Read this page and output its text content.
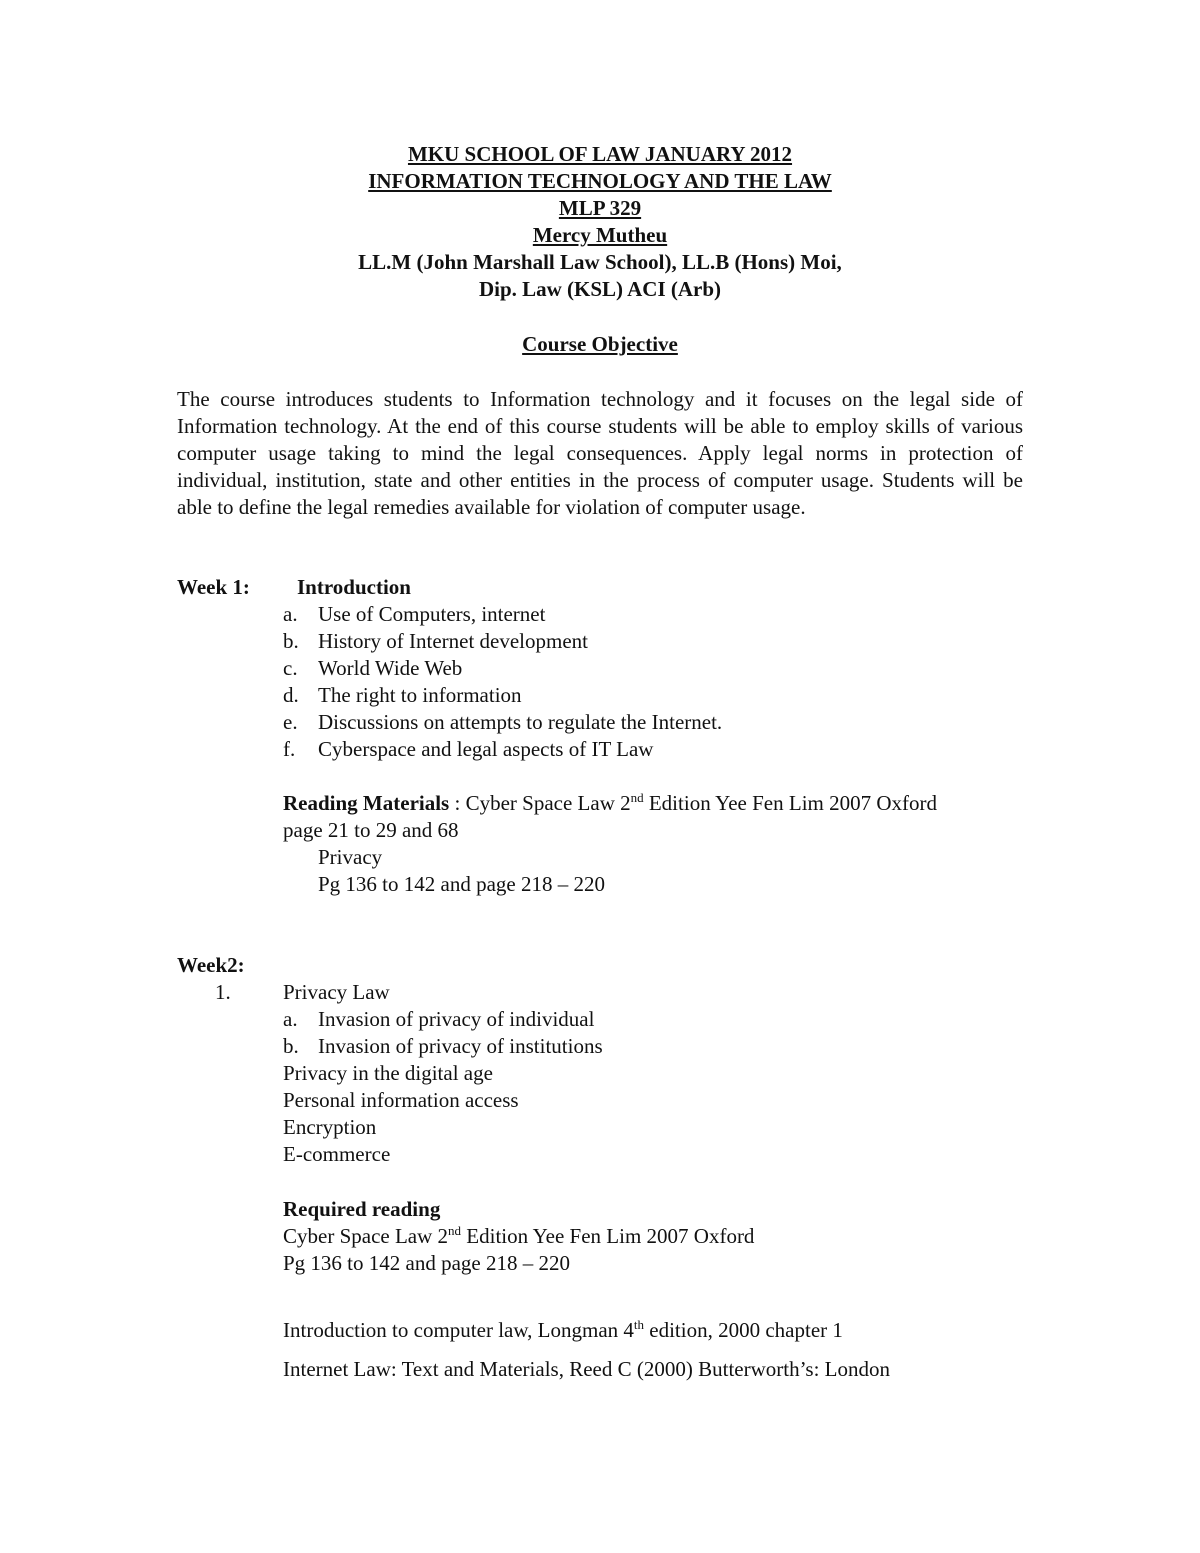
MKU SCHOOL OF LAW JANUARY 2012
INFORMATION TECHNOLOGY AND THE LAW
MLP 329
Mercy Mutheu
LL.M (John Marshall Law School), LL.B (Hons) Moi,
Dip. Law (KSL) ACI (Arb)
Course Objective
The course introduces students to Information technology and it focuses on the legal side of Information technology. At the end of this course students will be able to employ skills of various computer usage taking to mind the legal consequences. Apply legal norms in protection of individual, institution, state and other entities in the process of computer usage. Students will be able to define the legal remedies available for violation of computer usage.
Week 1: Introduction
a. Use of Computers, internet
b. History of Internet development
c. World Wide Web
d. The right to information
e. Discussions on attempts to regulate the Internet.
f. Cyberspace and legal aspects of IT Law
Reading Materials : Cyber Space Law 2nd Edition Yee Fen Lim 2007 Oxford
page 21 to 29 and 68
Privacy
Pg 136 to 142 and page 218 – 220
Week2:
1. Privacy Law
a. Invasion of privacy of individual
b. Invasion of privacy of institutions
Privacy in the digital age
Personal information access
Encryption
E-commerce
Required reading
Cyber Space Law 2nd Edition Yee Fen Lim 2007 Oxford
Pg 136 to 142 and page 218 – 220
Introduction to computer law, Longman 4th edition, 2000 chapter 1
Internet Law: Text and Materials, Reed C (2000) Butterworth’s: London
